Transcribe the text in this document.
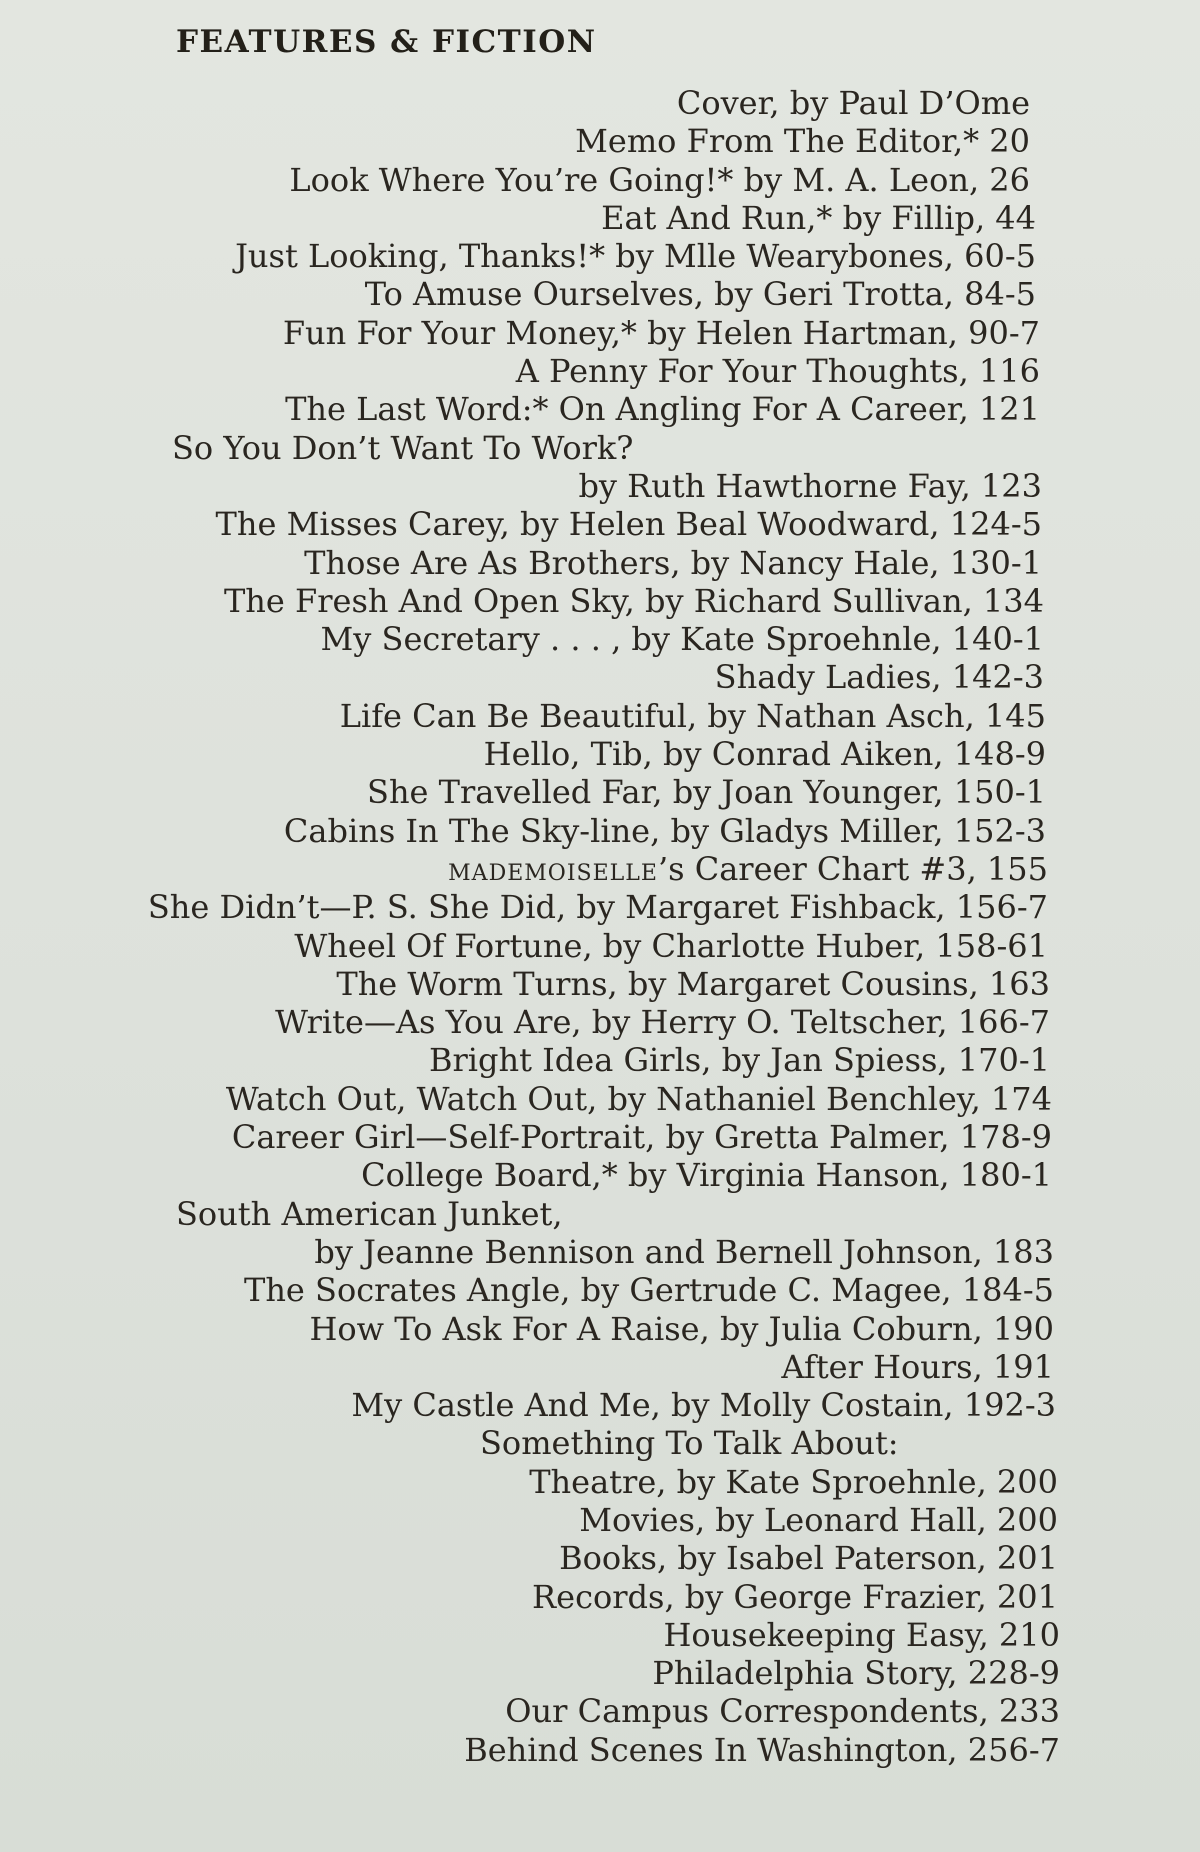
FEATURES & FICTION
Cover, by Paul D’Ome
Memo From The Editor,* 20
Look Where You’re Going!* by M. A. Leon, 26
Eat And Run,* by Fillip, 44
Just Looking, Thanks!* by Mlle Wearybones, 60-5
To Amuse Ourselves, by Geri Trotta, 84-5
Fun For Your Money,* by Helen Hartman, 90-7
A Penny For Your Thoughts, 116
The Last Word:* On Angling For A Career, 121
So You Don’t Want To Work?
by Ruth Hawthorne Fay, 123
The Misses Carey, by Helen Beal Woodward, 124-5
Those Are As Brothers, by Nancy Hale, 130-1
The Fresh And Open Sky, by Richard Sullivan, 134
My Secretary . . . , by Kate Sproehnle, 140-1
Shady Ladies, 142-3
Life Can Be Beautiful, by Nathan Asch, 145
Hello, Tib, by Conrad Aiken, 148-9
She Travelled Far, by Joan Younger, 150-1
Cabins In The Sky-line, by Gladys Miller, 152-3
MADEMOISELLE’s Career Chart #3, 155
She Didn’t—P. S. She Did, by Margaret Fishback, 156-7
Wheel Of Fortune, by Charlotte Huber, 158-61
The Worm Turns, by Margaret Cousins, 163
Write—As You Are, by Herry O. Teltscher, 166-7
Bright Idea Girls, by Jan Spiess, 170-1
Watch Out, Watch Out, by Nathaniel Benchley, 174
Career Girl—Self-Portrait, by Gretta Palmer, 178-9
College Board,* by Virginia Hanson, 180-1
South American Junket,
by Jeanne Bennison and Bernell Johnson, 183
The Socrates Angle, by Gertrude C. Magee, 184-5
How To Ask For A Raise, by Julia Coburn, 190
After Hours, 191
My Castle And Me, by Molly Costain, 192-3
Something To Talk About:
Theatre, by Kate Sproehnle, 200
Movies, by Leonard Hall, 200
Books, by Isabel Paterson, 201
Records, by George Frazier, 201
Housekeeping Easy, 210
Philadelphia Story, 228-9
Our Campus Correspondents, 233
Behind Scenes In Washington, 256-7
